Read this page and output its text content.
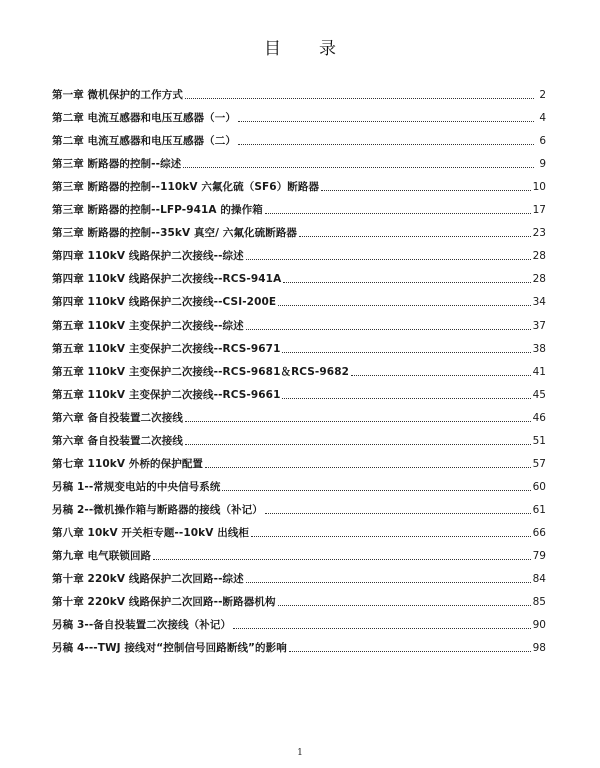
目 录
第一章 微机保护的工作方式	2
第二章 电流互感器和电压互感器（一）	4
第二章 电流互感器和电压互感器（二）	6
第三章 断路器的控制--综述	9
第三章 断路器的控制--110kV 六氟化硫（SF6）断路器	10
第三章 断路器的控制--LFP-941A 的操作箱	17
第三章 断路器的控制--35kV 真空/ 六氟化硫断路器	23
第四章 110kV 线路保护二次接线--综述	28
第四章 110kV 线路保护二次接线--RCS-941A	28
第四章 110kV 线路保护二次接线--CSI-200E	34
第五章 110kV 主变保护二次接线--综述	37
第五章 110kV 主变保护二次接线--RCS-9671	38
第五章 110kV 主变保护二次接线--RCS-9681＆RCS-9682	41
第五章 110kV 主变保护二次接线--RCS-9661	45
第六章 备自投装置二次接线	46
第六章 备自投装置二次接线	51
第七章 110kV 外桥的保护配置	57
另稿 1--常规变电站的中央信号系统	60
另稿 2--微机操作箱与断路器的接线（补记）	61
第八章 10kV 开关柜专题--10kV 出线柜	66
第九章 电气联锁回路	79
第十章 220kV 线路保护二次回路--综述	84
第十章 220kV 线路保护二次回路--断路器机构	85
另稿 3--备自投装置二次接线（补记）	90
另稿 4---TWJ 接线对“控制信号回路断线”的影响	98
1
